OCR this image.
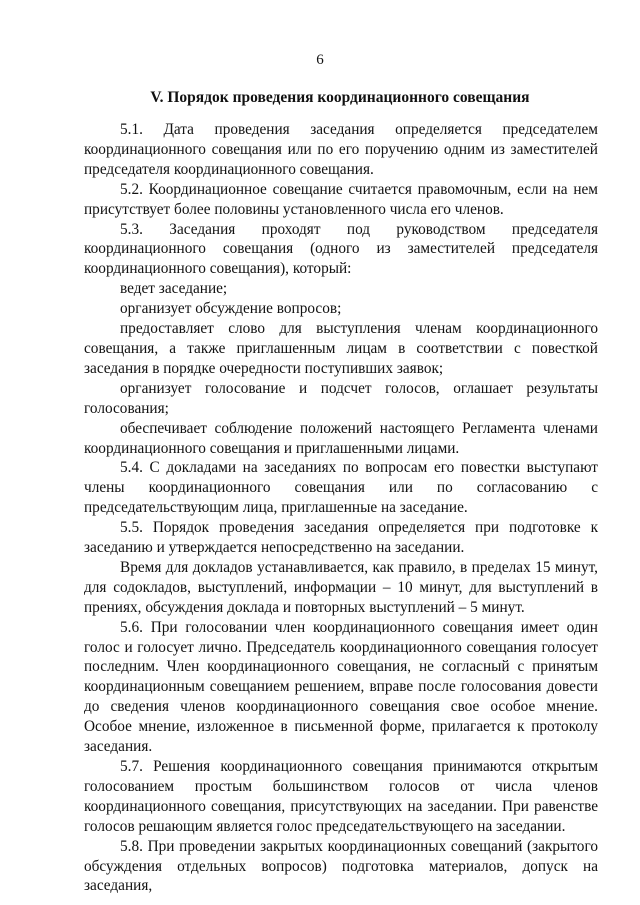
6
V. Порядок проведения координационного совещания

5.1. Дата проведения заседания определяется председателем координационного совещания или по его поручению одним из заместителей председателя координационного совещания.

5.2. Координационное совещание считается правомочным, если на нем присутствует более половины установленного числа его членов.

5.3. Заседания проходят под руководством председателя координационного совещания (одного из заместителей председателя координационного совещания), который:

ведет заседание;

организует обсуждение вопросов;

предоставляет слово для выступления членам координационного совещания, а также приглашенным лицам в соответствии с повесткой заседания в порядке очередности поступивших заявок;

организует голосование и подсчет голосов, оглашает результаты голосования;

обеспечивает соблюдение положений настоящего Регламента членами координационного совещания и приглашенными лицами.

5.4. С докладами на заседаниях по вопросам его повестки выступают члены координационного совещания или по согласованию с председательствующим лица, приглашенные на заседание.

5.5. Порядок проведения заседания определяется при подготовке к заседанию и утверждается непосредственно на заседании.

Время для докладов устанавливается, как правило, в пределах 15 минут, для содокладов, выступлений, информации – 10 минут, для выступлений в прениях, обсуждения доклада и повторных выступлений – 5 минут.

5.6. При голосовании член координационного совещания имеет один голос и голосует лично. Председатель координационного совещания голосует последним. Член координационного совещания, не согласный с принятым координационным совещанием решением, вправе после голосования довести до сведения членов координационного совещания свое особое мнение. Особое мнение, изложенное в письменной форме, прилагается к протоколу заседания.

5.7. Решения координационного совещания принимаются открытым голосованием простым большинством голосов от числа членов координационного совещания, присутствующих на заседании. При равенстве голосов решающим является голос председательствующего на заседании.

5.8. При проведении закрытых координационных совещаний (закрытого обсуждения отдельных вопросов) подготовка материалов, допуск на заседания,
